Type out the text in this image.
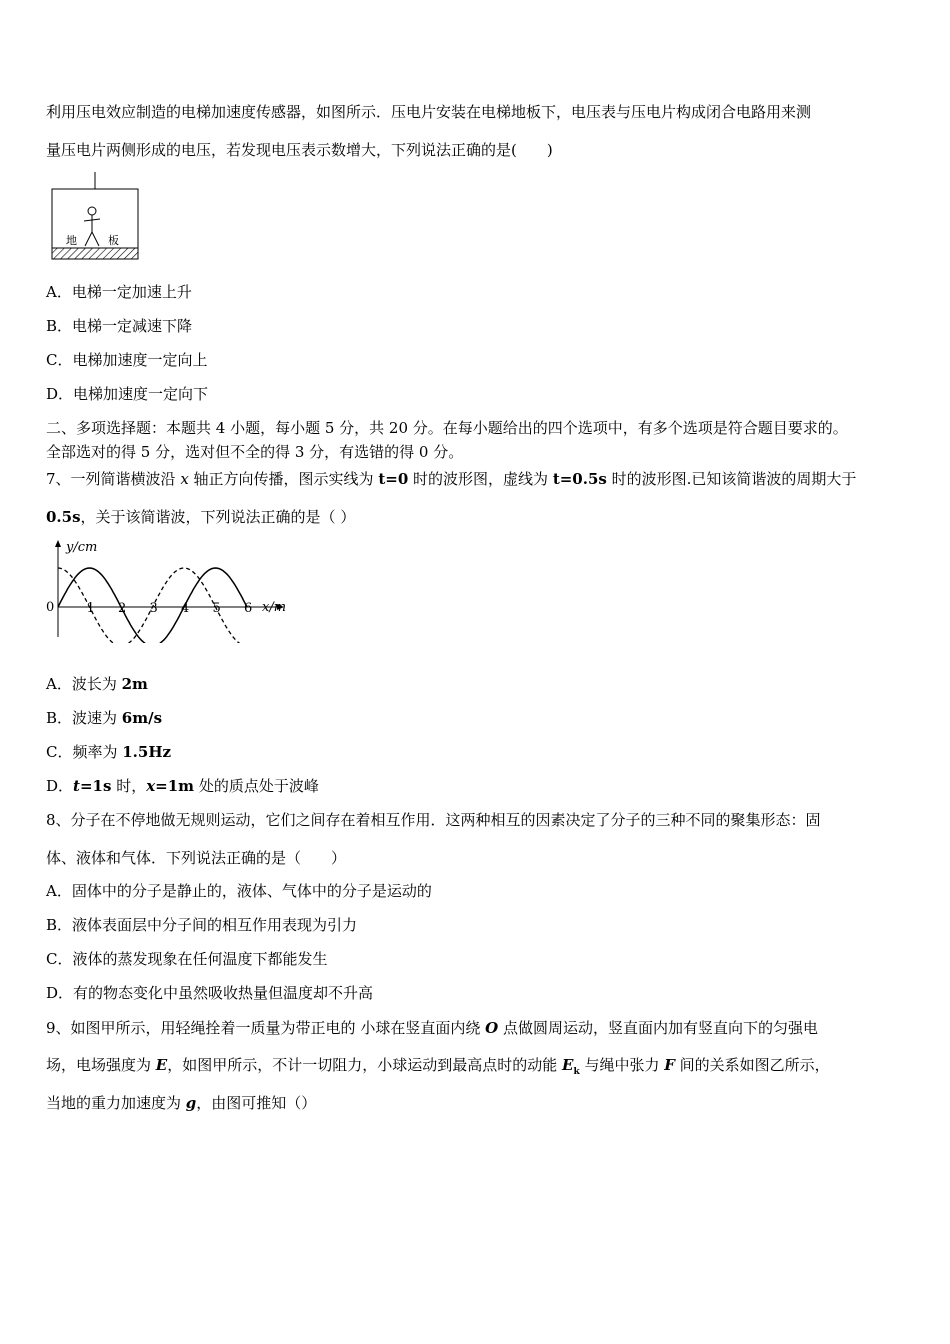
利用压电效应制造的电梯加速度传感器，如图所示．压电片安装在电梯地板下，电压表与压电片构成闭合电路用来测
量压电片两侧形成的电压，若发现电压表示数增大，下列说法正确的是(　　)
地	板
A．电梯一定加速上升
B．电梯一定减速下降
C．电梯加速度一定向上
D．电梯加速度一定向下
二、多项选择题：本题共 4 小题，每小题 5 分，共 20 分。在每小题给出的四个选项中，有多个选项是符合题目要求的。
全部选对的得 5 分，选对但不全的得 3 分，有选错的得 0 分。
7、一列简谐横波沿 x 轴正方向传播，图示实线为 t=0 时的波形图，虚线为 t=0.5s 时的波形图.已知该简谐波的周期大于
0.5s，关于该简谐波，下列说法正确的是（ ）
y/cm
x/m
0 1 2 3 4 5 6
A．波长为 2m
B．波速为 6m/s
C．频率为 1.5Hz
D．t=1s 时，x=1m 处的质点处于波峰
8、分子在不停地做无规则运动，它们之间存在着相互作用．这两种相互的因素决定了分子的三种不同的聚集形态：固
体、液体和气体．下列说法正确的是（　　）
A．固体中的分子是静止的，液体、气体中的分子是运动的
B．液体表面层中分子间的相互作用表现为引力
C．液体的蒸发现象在任何温度下都能发生
D．有的物态变化中虽然吸收热量但温度却不升高
9、如图甲所示，用轻绳拴着一质量为带正电的 小球在竖直面内绕 O 点做圆周运动，竖直面内加有竖直向下的匀强电
场，电场强度为 E，如图甲所示，不计一切阻力，小球运动到最高点时的动能 $E_k$ 与绳中张力 F 间的关系如图乙所示，
当地的重力加速度为 g，由图可推知（）
